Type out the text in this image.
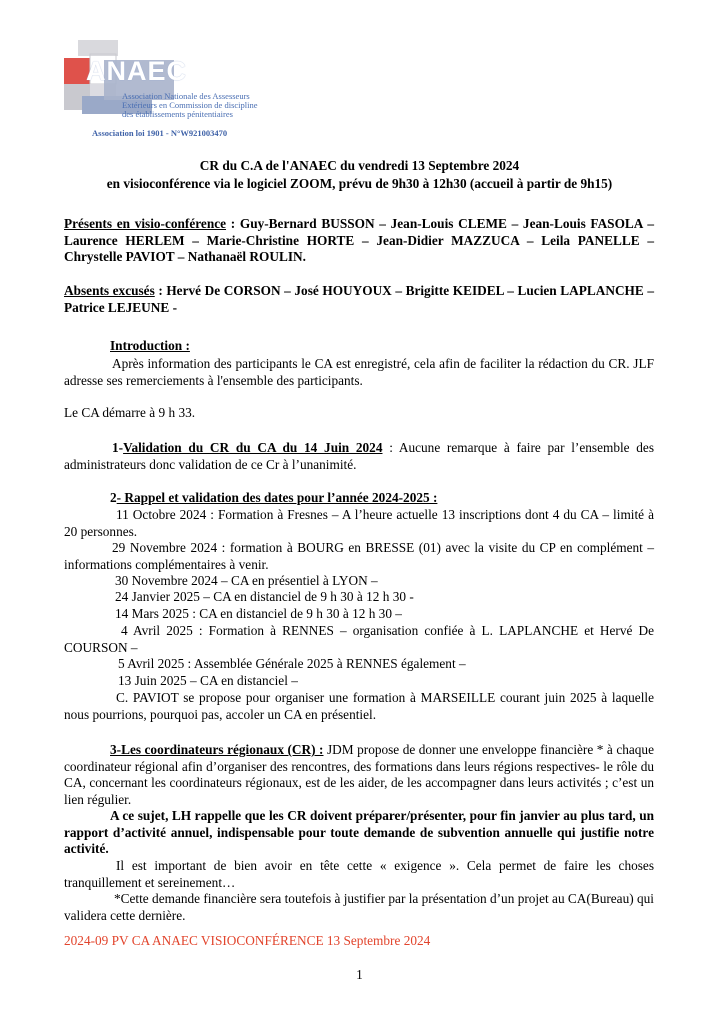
ANAEC
Association Nationale des Assesseurs
Extérieurs en Commission de discipline
des établissements pénitentiaires
Association loi 1901 - N°W921003470
CR du C.A de l'ANAEC du vendredi 13 Septembre 2024
en visioconférence via le logiciel ZOOM, prévu de 9h30 à 12h30 (accueil à partir de 9h15)
Présents en visio-conférence : Guy-Bernard BUSSON – Jean-Louis CLEME – Jean-Louis FASOLA – Laurence HERLEM – Marie-Christine HORTE – Jean-Didier MAZZUCA – Leila PANELLE – Chrystelle PAVIOT – Nathanaël ROULIN.
Absents excusés : Hervé De CORSON – José HOUYOUX – Brigitte KEIDEL – Lucien LAPLANCHE – Patrice LEJEUNE -
Introduction :
Après information des participants le CA est enregistré, cela afin de faciliter la rédaction du CR. JLF adresse ses remerciements à l'ensemble des participants.
Le CA démarre à 9 h 33.
1-Validation du CR du CA du 14 Juin 2024 : Aucune remarque à faire par l’ensemble des administrateurs donc validation de ce Cr à l’unanimité.
2- Rappel et validation des dates pour l’année 2024-2025 :
11 Octobre 2024 : Formation à Fresnes – A l’heure actuelle 13 inscriptions dont 4 du CA – limité à 20 personnes.
29 Novembre 2024 : formation à BOURG en BRESSE (01) avec la visite du CP en complément – informations complémentaires à venir.
30 Novembre 2024 – CA en présentiel à LYON –
24 Janvier 2025 – CA en distanciel de 9 h 30 à 12 h 30 -
14 Mars 2025 : CA en distanciel de 9 h 30 à 12 h 30 –
4 Avril 2025 : Formation à RENNES – organisation confiée à L. LAPLANCHE et Hervé De COURSON –
5 Avril 2025 : Assemblée Générale 2025 à RENNES également –
13 Juin 2025 – CA en distanciel –
C. PAVIOT se propose pour organiser une formation à MARSEILLE courant juin 2025 à laquelle nous pourrions, pourquoi pas, accoler un CA en présentiel.
3-Les coordinateurs régionaux (CR) : JDM propose de donner une enveloppe financière * à chaque coordinateur régional afin d’organiser des rencontres, des formations dans leurs régions respectives- le rôle du CA, concernant les coordinateurs régionaux, est de les aider, de les accompagner dans leurs activités ; c’est un lien régulier.
A ce sujet, LH rappelle que les CR doivent préparer/présenter, pour fin janvier au plus tard, un rapport d’activité annuel, indispensable pour toute demande de subvention annuelle qui justifie notre activité.
Il est important de bien avoir en tête cette « exigence ». Cela permet de faire les choses tranquillement et sereinement…
*Cette demande financière sera toutefois à justifier par la présentation d’un projet au CA(Bureau) qui validera cette dernière.
2024-09 PV CA ANAEC VISIOCONFÉRENCE 13 Septembre 2024
1
